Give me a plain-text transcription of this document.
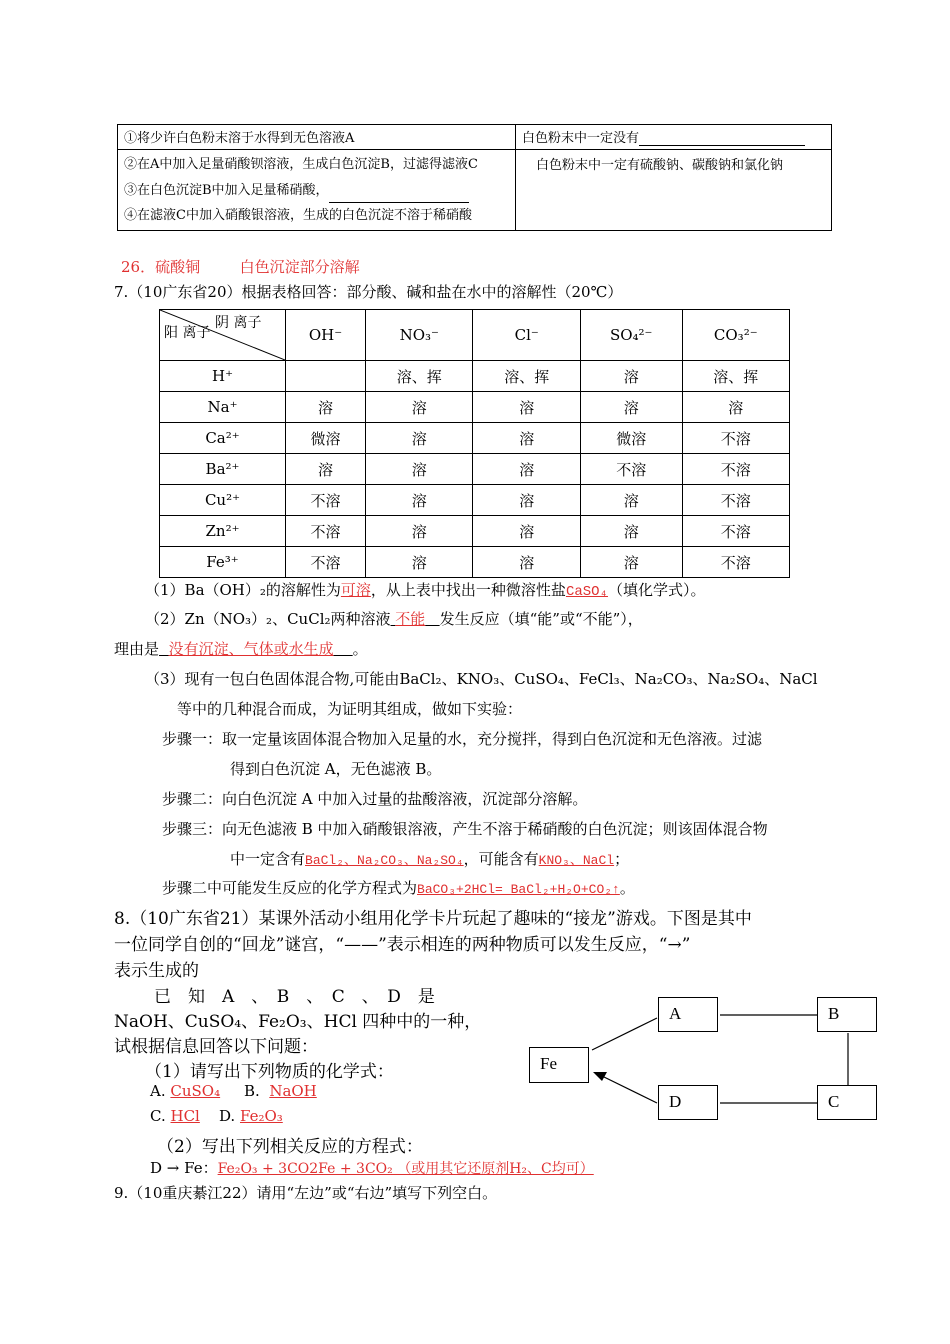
①将少许白色粉末溶于水得到无色溶液A	白色粉末中一定没有

②在A中加入足量硝酸钡溶液，生成白色沉淀B，过滤得滤液C
③在白色沉淀B中加入足量稀硝酸，
④在滤液C中加入硝酸银溶液，生成的白色沉淀不溶于稀硝酸	白色粉末中一定有硫酸钠、碳酸钠和氯化钠
26．硫酸铜	白色沉淀部分溶解
7.（10广东省20）根据表格回答：部分酸、碱和盐在水中的溶解性（20℃）
阴 离子
阳 离子	OH⁻	NO₃⁻	Cl⁻	SO₄²⁻	CO₃²⁻
H⁺		溶、挥	溶、挥	溶	溶、挥
Na⁺	溶	溶	溶	溶	溶
Ca²⁺	微溶	溶	溶	微溶	不溶
Ba²⁺	溶	溶	溶	不溶	不溶
Cu²⁺	不溶	溶	溶	溶	不溶
Zn²⁺	不溶	溶	溶	溶	不溶
Fe³⁺	不溶	溶	溶	溶	不溶
（1）Ba（OH）₂的溶解性为可溶，从上表中找出一种微溶性盐CaSO₄（填化学式）。
（2）Zn（NO₃）₂、CuCl₂两种溶液 不能 发生反应（填“能”或“不能”），
理由是 没有沉淀、气体或水生成 。
（3）现有一包白色固体混合物,可能由BaCl₂、KNO₃、CuSO₄、FeCl₃、Na₂CO₃、Na₂SO₄、NaCl
等中的几种混合而成，为证明其组成，做如下实验：
步骤一：取一定量该固体混合物加入足量的水，充分搅拌，得到白色沉淀和无色溶液。过滤
得到白色沉淀 A，无色滤液 B。
步骤二：向白色沉淀 A 中加入过量的盐酸溶液，沉淀部分溶解。
步骤三：向无色滤液 B 中加入硝酸银溶液，产生不溶于稀硝酸的白色沉淀；则该固体混合物
中一定含有BaCl₂、Na₂CO₃、Na₂SO₄，可能含有KNO₃、NaCl；
步骤二中可能发生反应的化学方程式为BaCO₃+2HCl= BaCl₂+H₂O+CO₂↑。
8.（10广东省21）某课外活动小组用化学卡片玩起了趣味的“接龙”游戏。下图是其中
一位同学自创的“回龙”谜宫，“——”表示相连的两种物质可以发生反应，“→”
表示生成的
已　知　A　、　B　、　C　、　D　是
NaOH、CuSO₄、Fe₂O₃、HCl 四种中的一种，
试根据信息回答以下问题：
（1）请写出下列物质的化学式：
A. CuSO₄ B. NaOH
C. HCl D. Fe₂O₃
（2）写出下列相关反应的方程式：
D → Fe：Fe₂O₃ + 3CO2Fe + 3CO₂ （或用其它还原剂H₂、C均可）
9.（10重庆綦江22）请用“左边”或“右边”填写下列空白。
A	B
D	C
Fe
